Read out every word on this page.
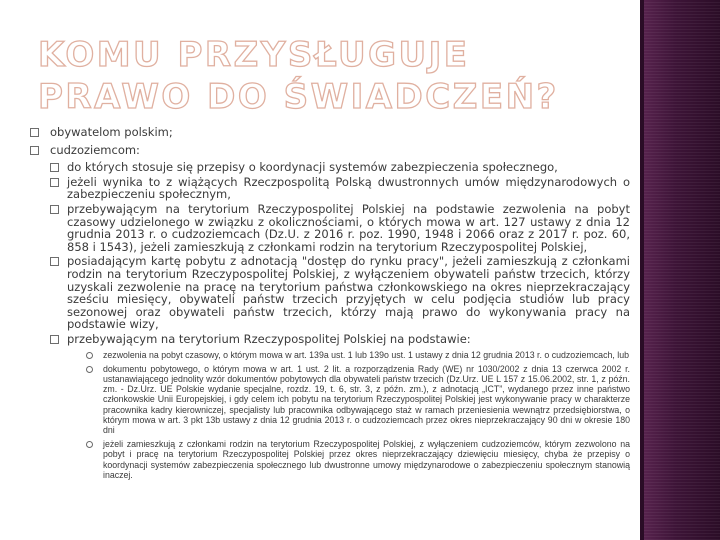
KOMU PRZYSŁUGUJE PRAWO DO ŚWIADCZEŃ?
obywatelom polskim;
cudzoziemcom:
do których stosuje się przepisy o koordynacji systemów zabezpieczenia społecznego,
jeżeli wynika to z wiążących Rzeczpospolitą Polską dwustronnych umów międzynarodowych o zabezpieczeniu społecznym,
przebywającym na terytorium Rzeczypospolitej Polskiej na podstawie zezwolenia na pobyt czasowy udzielonego w związku z okolicznościami, o których mowa w art. 127 ustawy z dnia 12 grudnia 2013 r. o cudzoziemcach (Dz.U. z 2016 r. poz. 1990, 1948 i 2066 oraz z 2017 r. poz. 60, 858 i 1543), jeżeli zamieszkują z członkami rodzin na terytorium Rzeczypospolitej Polskiej,
posiadającym kartę pobytu z adnotacją "dostęp do rynku pracy", jeżeli zamieszkują z członkami rodzin na terytorium Rzeczypospolitej Polskiej, z wyłączeniem obywateli państw trzecich, którzy uzyskali zezwolenie na pracę na terytorium państwa członkowskiego na okres nieprzekraczający sześciu miesięcy, obywateli państw trzecich przyjętych w celu podjęcia studiów lub pracy sezonowej oraz obywateli państw trzecich, którzy mają prawo do wykonywania pracy na podstawie wizy,
przebywającym na terytorium Rzeczypospolitej Polskiej na podstawie:
zezwolenia na pobyt czasowy, o którym mowa w art. 139a ust. 1 lub 139o ust. 1 ustawy z dnia 12 grudnia 2013 r. o cudzoziemcach, lub
dokumentu pobytowego, o którym mowa w art. 1 ust. 2 lit. a rozporządzenia Rady (WE) nr 1030/2002 z dnia 13 czerwca 2002 r. ustanawiającego jednolity wzór dokumentów pobytowych dla obywateli państw trzecich (Dz.Urz. UE L 157 z 15.06.2002, str. 1, z późn. zm. - Dz.Urz. UE Polskie wydanie specjalne, rozdz. 19, t. 6, str. 3, z późn. zm.), z adnotacją „ICT”, wydanego przez inne państwo członkowskie Unii Europejskiej, i gdy celem ich pobytu na terytorium Rzeczypospolitej Polskiej jest wykonywanie pracy w charakterze pracownika kadry kierowniczej, specjalisty lub pracownika odbywającego staż w ramach przeniesienia wewnątrz przedsiębiorstwa, o którym mowa w art. 3 pkt 13b ustawy z dnia 12 grudnia 2013 r. o cudzoziemcach przez okres nieprzekraczający 90 dni w okresie 180 dni
jeżeli zamieszkują z członkami rodzin na terytorium Rzeczypospolitej Polskiej, z wyłączeniem cudzoziemców, którym zezwolono na pobyt i pracę na terytorium Rzeczypospolitej Polskiej przez okres nieprzekraczający dziewięciu miesięcy, chyba że przepisy o koordynacji systemów zabezpieczenia społecznego lub dwustronne umowy międzynarodowe o zabezpieczeniu społecznym stanowią inaczej.
